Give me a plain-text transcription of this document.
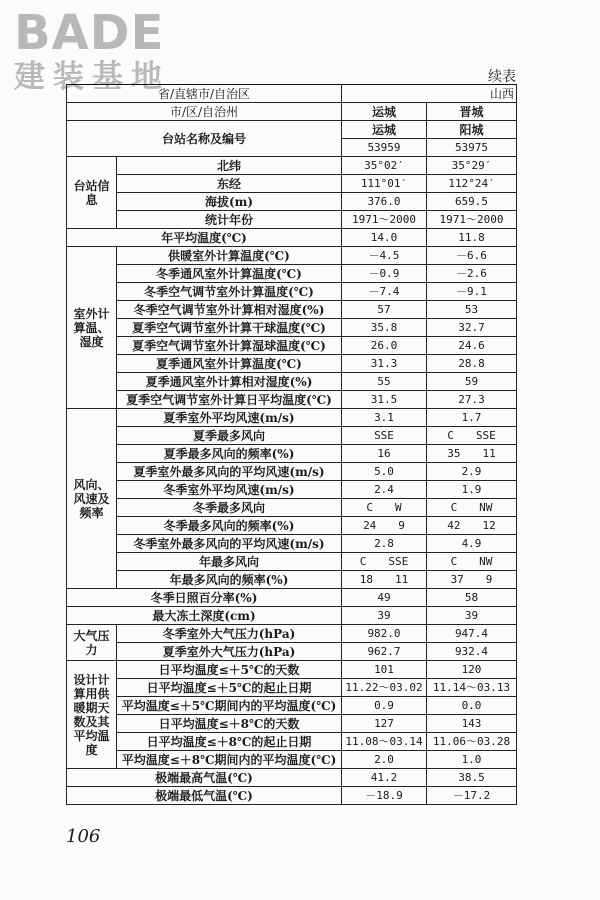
BADE
建装基地	续表
省/直辖市/自治区		山西	
市/区/自治州		运城	晋城
台站名称及编号		运城	阳城
		53959	53975
台站信息	北纬	35°02′	35°29′
	东经	111°01′	112°24′
	海拔(m)	376.0	659.5
	统计年份	1971～2000	1971～2000
年平均温度(℃)		14.0	11.8
室外计算温、湿度	供暖室外计算温度(℃)	－4.5	－6.6
	冬季通风室外计算温度(℃)	－0.9	－2.6
	冬季空气调节室外计算温度(℃)	－7.4	－9.1
	冬季空气调节室外计算相对湿度(%)	57	53
	夏季空气调节室外计算干球温度(℃)	35.8	32.7
	夏季空气调节室外计算湿球温度(℃)	26.0	24.6
	夏季通风室外计算温度(℃)	31.3	28.8
	夏季通风室外计算相对湿度(%)	55	59
	夏季空气调节室外计算日平均温度(℃)	31.5	27.3
风向、风速及频率	夏季室外平均风速(m/s)	3.1	1.7
	夏季最多风向	SSE	C　　SSE
	夏季最多风向的频率(%)	16	35　　11
	夏季室外最多风向的平均风速(m/s)	5.0	2.9
	冬季室外平均风速(m/s)	2.4	1.9
	冬季最多风向	C　　W	C　　NW
	冬季最多风向的频率(%)	24　　9	42　　12
	冬季室外最多风向的平均风速(m/s)	2.8	4.9
	年最多风向	C　　SSE	C　　NW
	年最多风向的频率(%)	18　　11	37　　9
冬季日照百分率(%)		49	58
最大冻土深度(cm)		39	39
大气压力	冬季室外大气压力(hPa)	982.0	947.4
	夏季室外大气压力(hPa)	962.7	932.4
设计计算用供暖期天数及其平均温度	日平均温度≤＋5℃的天数	101	120
	日平均温度≤＋5℃的起止日期	11.22～03.02	11.14～03.13
	平均温度≤＋5℃期间内的平均温度(℃)	0.9	0.0
	日平均温度≤＋8℃的天数	127	143
	日平均温度≤＋8℃的起止日期	11.08～03.14	11.06～03.28
	平均温度≤＋8℃期间内的平均温度(℃)	2.0	1.0
极端最高气温(℃)		41.2	38.5
极端最低气温(℃)		－18.9	－17.2
106
